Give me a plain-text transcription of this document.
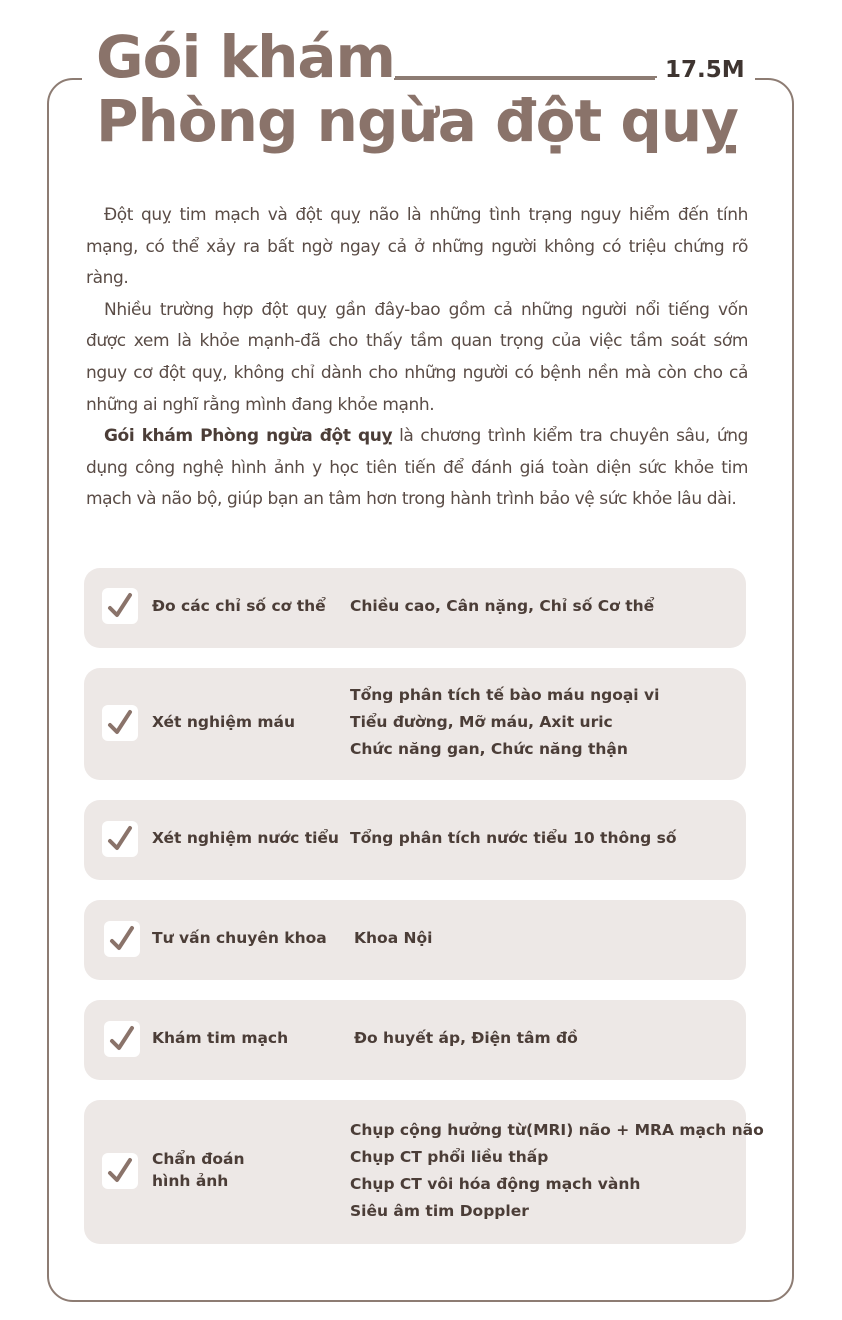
Gói khám
Phòng ngừa đột quỵ
17.5M

Đột quỵ tim mạch và đột quỵ não là những tình trạng nguy hiểm đến tính mạng, có thể xảy ra bất ngờ ngay cả ở những người không có triệu chứng rõ ràng.

Nhiều trường hợp đột quỵ gần đây-bao gồm cả những người nổi tiếng vốn được xem là khỏe mạnh-đã cho thấy tầm quan trọng của việc tầm soát sớm nguy cơ đột quỵ, không chỉ dành cho những người có bệnh nền mà còn cho cả những ai nghĩ rằng mình đang khỏe mạnh.

Gói khám Phòng ngừa đột quỵ là chương trình kiểm tra chuyên sâu, ứng dụng công nghệ hình ảnh y học tiên tiến để đánh giá toàn diện sức khỏe tim mạch và não bộ, giúp bạn an tâm hơn trong hành trình bảo vệ sức khỏe lâu dài.

Đo các chỉ số cơ thể Chiều cao, Cân nặng, Chỉ số Cơ thể
Xét nghiệm máu
Tổng phân tích tế bào máu ngoại vi
Tiểu đường, Mỡ máu, Axit uric
Chức năng gan, Chức năng thận
Xét nghiệm nước tiểu Tổng phân tích nước tiểu 10 thông số
Tư vấn chuyên khoa Khoa Nội
Khám tim mạch	Đo huyết áp, Điện tâm đồ
Chẩn đoán
hình ảnh
Chụp cộng hưởng từ(MRI) não + MRA mạch não
Chụp CT phổi liều thấp
Chụp CT vôi hóa động mạch vành
Siêu âm tim Doppler
